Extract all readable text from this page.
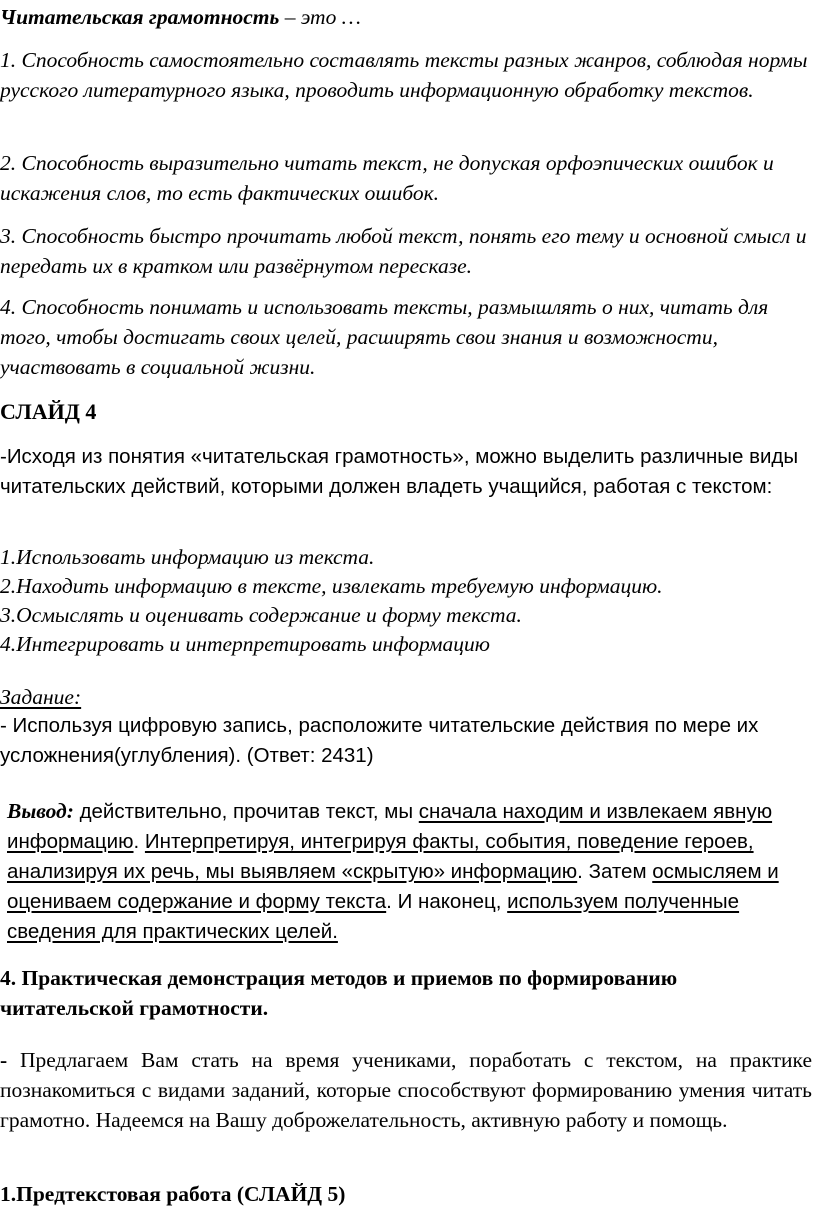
Читательская грамотность – это …

1. Способность самостоятельно составлять тексты разных жанров, соблюдая нормы русского литературного языка, проводить информационную обработку текстов.

2. Способность выразительно читать текст, не допуская орфоэпических ошибок и искажения слов, то есть фактических ошибок.

3. Способность быстро прочитать любой текст, понять его тему и основной смысл и передать их в кратком или развёрнутом пересказе.

4. Способность понимать и использовать тексты, размышлять о них, читать для того, чтобы достигать своих целей, расширять свои знания и возможности, участвовать в социальной жизни.

СЛАЙД 4

-Исходя из понятия «читательская грамотность», можно выделить различные виды читательских действий, которыми должен владеть учащийся, работая с текстом:

1.Использовать информацию из текста.
2.Находить информацию в тексте, извлекать требуемую информацию.
3.Осмыслять и оценивать содержание и форму текста.
4.Интегрировать и интерпретировать информацию

Задание:

- Используя цифровую запись, расположите читательские действия по мере их усложнения(углубления). (Ответ: 2431)

Вывод: действительно, прочитав текст, мы сначала находим и извлекаем явную информацию. Интерпретируя, интегрируя факты, события, поведение героев, анализируя их речь, мы выявляем «скрытую» информацию. Затем осмысляем и оцениваем содержание и форму текста. И наконец, используем полученные сведения для практических целей.

4. Практическая демонстрация методов и приемов по формированию читательской грамотности.

- Предлагаем Вам стать на время учениками, поработать с текстом, на практике познакомиться с видами заданий, которые способствуют формированию умения читать грамотно. Надеемся на Вашу доброжелательность, активную работу и помощь.

1.Предтекстовая работа (СЛАЙД 5)
